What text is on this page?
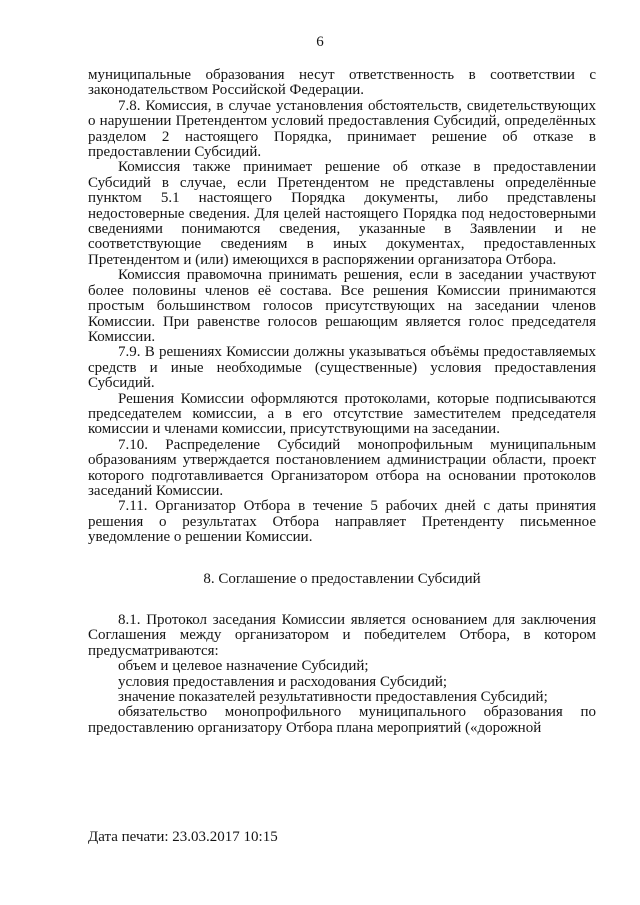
6

муниципальные образования несут ответственность в соответствии с законодательством Российской Федерации.

7.8. Комиссия, в случае установления обстоятельств, свидетельствующих о нарушении Претендентом условий предоставления Субсидий, определённых разделом 2 настоящего Порядка, принимает решение об отказе в предоставлении Субсидий.

Комиссия также принимает решение об отказе в предоставлении Субсидий в случае, если Претендентом не представлены определённые пунктом 5.1 настоящего Порядка документы, либо представлены недостоверные сведения. Для целей настоящего Порядка под недостоверными сведениями понимаются сведения, указанные в Заявлении и не соответствующие сведениям в иных документах, предоставленных Претендентом и (или) имеющихся в распоряжении организатора Отбора.

Комиссия правомочна принимать решения, если в заседании участвуют более половины членов её состава. Все решения Комиссии принимаются простым большинством голосов присутствующих на заседании членов Комиссии. При равенстве голосов решающим является голос председателя Комиссии.

7.9. В решениях Комиссии должны указываться объёмы предоставляемых средств и иные необходимые (существенные) условия предоставления Субсидий.

Решения Комиссии оформляются протоколами, которые подписываются председателем комиссии, а в его отсутствие заместителем председателя комиссии и членами комиссии, присутствующими на заседании.

7.10. Распределение Субсидий монопрофильным муниципальным образованиям утверждается постановлением администрации области, проект которого подготавливается Организатором отбора на основании протоколов заседаний Комиссии.

7.11. Организатор Отбора в течение 5 рабочих дней с даты принятия решения о результатах Отбора направляет Претенденту письменное уведомление о решении Комиссии.

8. Соглашение о предоставлении Субсидий

8.1. Протокол заседания Комиссии является основанием для заключения Соглашения между организатором и победителем Отбора, в котором предусматриваются:

объем и целевое назначение Субсидий;

условия предоставления и расходования Субсидий;

значение показателей результативности предоставления Субсидий;

обязательство монопрофильного муниципального образования по предоставлению организатору Отбора плана мероприятий («дорожной

Дата печати: 23.03.2017 10:15
